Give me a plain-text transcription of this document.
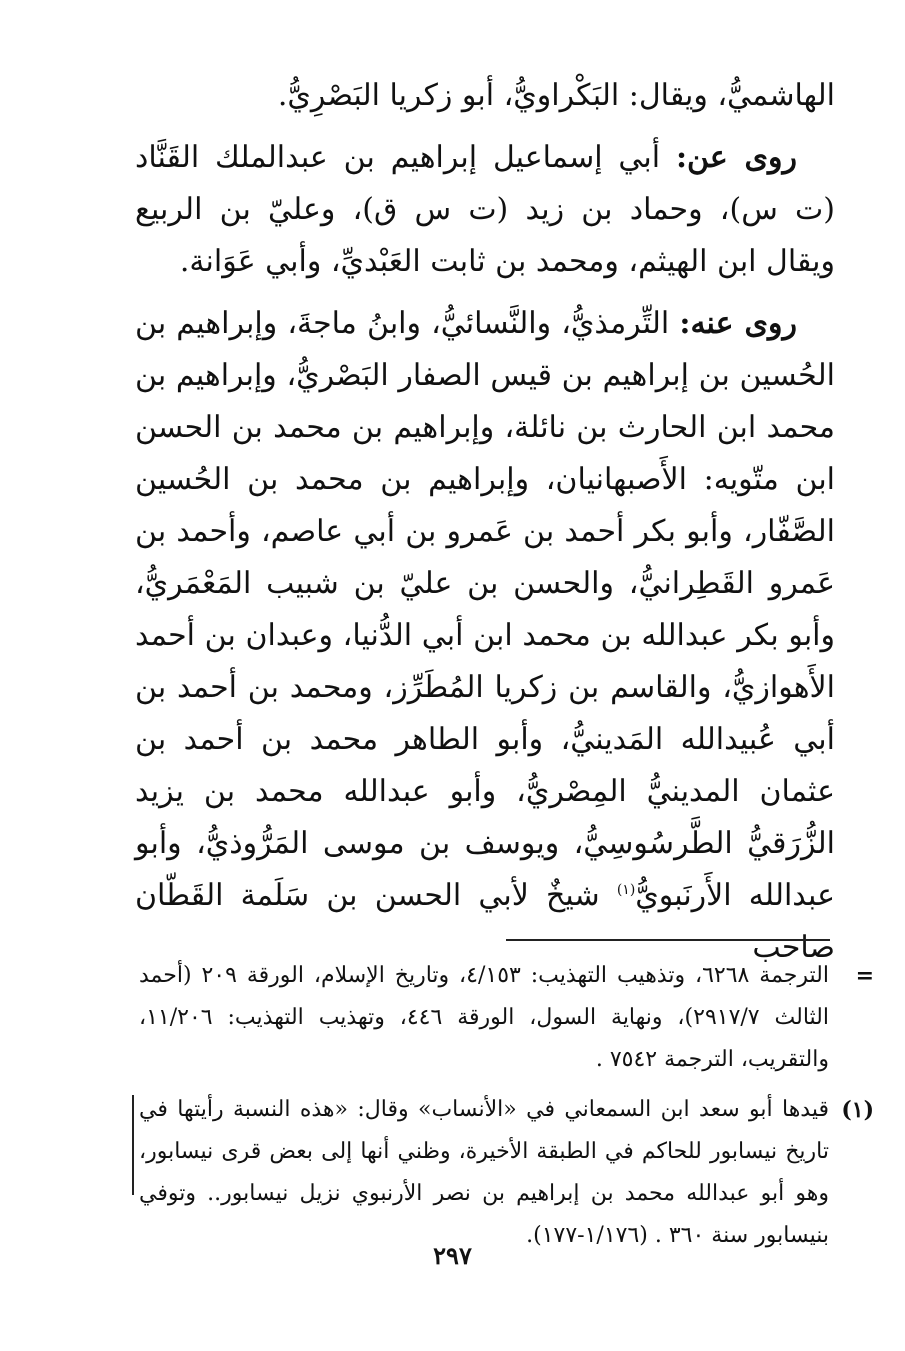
الهاشميُّ، ويقال: البَكْراويُّ، أبو زكريا البَصْرِيُّ.

روى عن: أبي إسماعيل إبراهيم بن عبدالملك القَنَّاد (ت س)، وحماد بن زيد (ت س ق)، وعليّ بن الربيع ويقال ابن الهيثم، ومحمد بن ثابت العَبْديِّ، وأبي عَوَانة.

روى عنه: التِّرمذيُّ، والنَّسائيُّ، وابنُ ماجةَ، وإبراهيم بن الحُسين بن إبراهيم بن قيس الصفار البَصْريُّ، وإبراهيم بن محمد ابن الحارث بن نائلة، وإبراهيم بن محمد بن الحسن ابن متّويه: الأَصبهانيان، وإبراهيم بن محمد بن الحُسين الصَّفّار، وأبو بكر أحمد بن عَمرو بن أبي عاصم، وأحمد بن عَمرو القَطِرانيُّ، والحسن بن عليّ بن شبيب المَعْمَريُّ، وأبو بكر عبدالله بن محمد ابن أبي الدُّنيا، وعبدان بن أحمد الأَهوازيُّ، والقاسم بن زكريا المُطَرِّز، ومحمد بن أحمد بن أبي عُبيدالله المَدينيُّ، وأبو الطاهر محمد بن أحمد بن عثمان المدينيُّ المِصْريُّ، وأبو عبدالله محمد بن يزيد الزُّرَقيُّ الطَّرسُوسِيُّ، ويوسف بن موسى المَرُّوذيُّ، وأبو عبدالله الأَرنَبويُّ$^{(١)}$ شيخٌ لأبي الحسن بن سَلَمة القَطّان صاحب

=
الترجمة ٦٢٦٨، وتذهيب التهذيب: ٤/١٥٣، وتاريخ الإسلام، الورقة ٢٠٩ (أحمد الثالث ٢٩١٧/٧)، ونهاية السول، الورقة ٤٤٦، وتهذيب التهذيب: ١١/٢٠٦، والتقريب، الترجمة ٧٥٤٢ .
(١)
قيدها أبو سعد ابن السمعاني في «الأنساب» وقال: «هذه النسبة رأيتها في تاريخ نيسابور للحاكم في الطبقة الأخيرة، وظني أنها إلى بعض قرى نيسابور، وهو أبو عبدالله محمد بن إبراهيم بن نصر الأرنبوي نزيل نيسابور.. وتوفي بنيسابور سنة ٣٦٠ . (١/١٧٦-١٧٧).
٢٩٧
